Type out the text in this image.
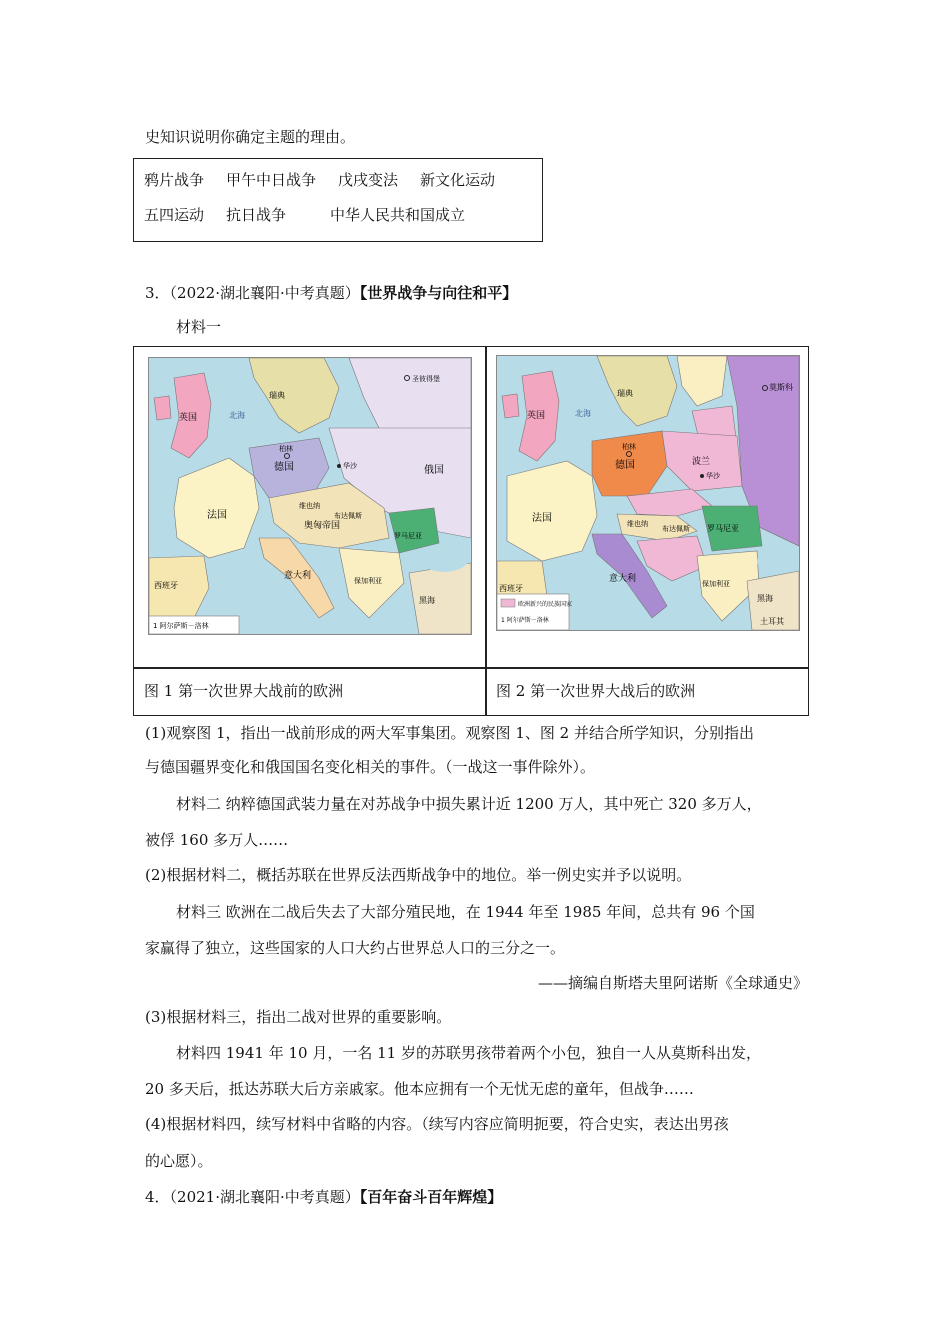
史知识说明你确定主题的理由。
鸦片战争 甲午中日战争 戊戌变法 新文化运动
五四运动 抗日战争	中华人民共和国成立
3．（2022·湖北襄阳·中考真题）【世界战争与向往和平】
材料一
英国
法国
德国	俄国
奥匈帝国
意大利
西班牙
瑞典
罗马尼亚
保加利亚
黑海
北海
柏林
圣彼得堡
华沙
维也纳
布达佩斯
1 阿尔萨斯－洛林
英国
法国
德国
莫斯科
波兰
罗马尼亚
保加利亚
意大利
西班牙
瑞典
土耳其
黑海
北海
柏林
华沙
维也纳
布达佩斯
欧洲新兴的民族国家
1 阿尔萨斯－洛林
图 1 第一次世界大战前的欧洲	图 2 第一次世界大战后的欧洲
(1)观察图 1，指出一战前形成的两大军事集团。观察图 1、图 2 并结合所学知识，分别指出
与德国疆界变化和俄国国名变化相关的事件。（一战这一事件除外）。
材料二 纳粹德国武装力量在对苏战争中损失累计近 1200 万人，其中死亡 320 多万人，
被俘 160 多万人……
(2)根据材料二，概括苏联在世界反法西斯战争中的地位。举一例史实并予以说明。
材料三 欧洲在二战后失去了大部分殖民地，在 1944 年至 1985 年间，总共有 96 个国
家赢得了独立，这些国家的人口大约占世界总人口的三分之一。
——摘编自斯塔夫里阿诺斯《全球通史》
(3)根据材料三，指出二战对世界的重要影响。
材料四 1941 年 10 月，一名 11 岁的苏联男孩带着两个小包，独自一人从莫斯科出发，
20 多天后，抵达苏联大后方亲戚家。他本应拥有一个无忧无虑的童年，但战争……
(4)根据材料四，续写材料中省略的内容。（续写内容应简明扼要，符合史实，表达出男孩
的心愿）。
4．（2021·湖北襄阳·中考真题）【百年奋斗百年辉煌】
